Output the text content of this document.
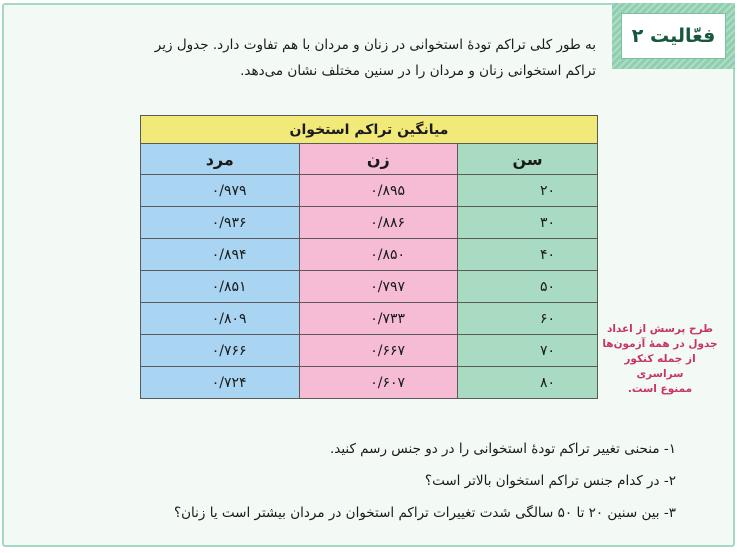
فعّالیت ۲
به طور کلی تراکم تودهٔ استخوانی در زنان و مردان با هم تفاوت دارد. جدول زیر تراکم استخوانی زنان و مردان را در سنین مختلف نشان می‌دهد.
میانگین تراکم استخوان		
سن	زن	مرد
۲۰	۰/۸۹۵	۰/۹۷۹
۳۰	۰/۸۸۶	۰/۹۳۶
۴۰	۰/۸۵۰	۰/۸۹۴
۵۰	۰/۷۹۷	۰/۸۵۱
۶۰	۰/۷۳۳	۰/۸۰۹
۷۰	۰/۶۶۷	۰/۷۶۶
۸۰	۰/۶۰۷	۰/۷۲۴
طرح پرسش از اعداد
جدول در همهٔ آزمون‌ها
از جمله کنکور سراسری
ممنوع است.
۱- منحنی تغییر تراکم تودهٔ استخوانی را در دو جنس رسم کنید.
۲- در کدام جنس تراکم استخوان بالاتر است؟
۳- بین سنین ۲۰ تا ۵۰ سالگی شدت تغییرات تراکم استخوان در مردان بیشتر است یا زنان؟
